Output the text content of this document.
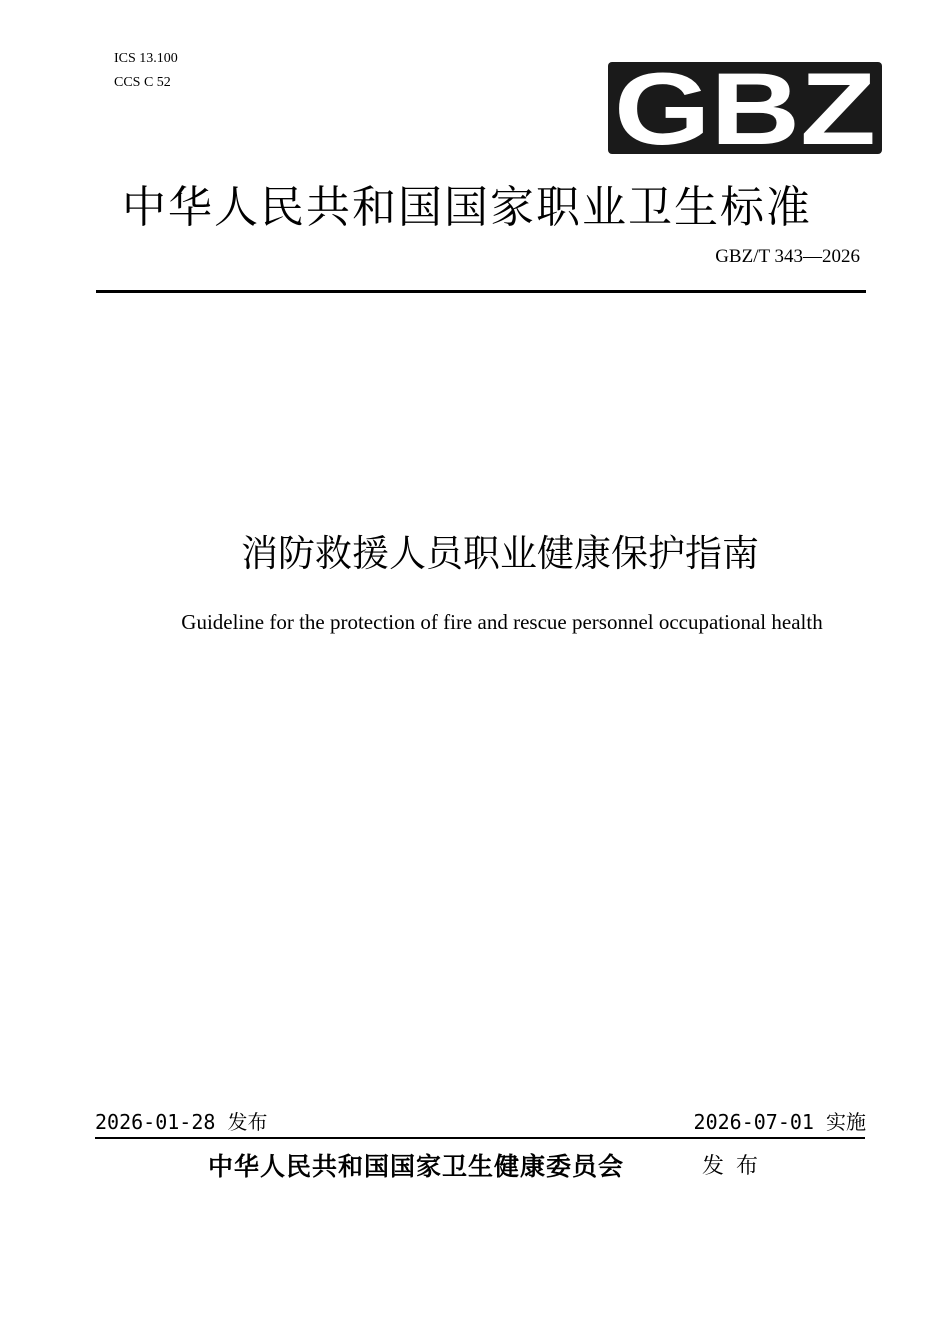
ICS 13.100
CCS C 52	GBZ
中华人民共和国国家职业卫生标准
GBZ/T 343—2026
消防救援人员职业健康保护指南
Guideline for the protection of fire and rescue personnel occupational health
2026-01-28 发布	2026-07-01 实施
中华人民共和国国家卫生健康委员会	发布
